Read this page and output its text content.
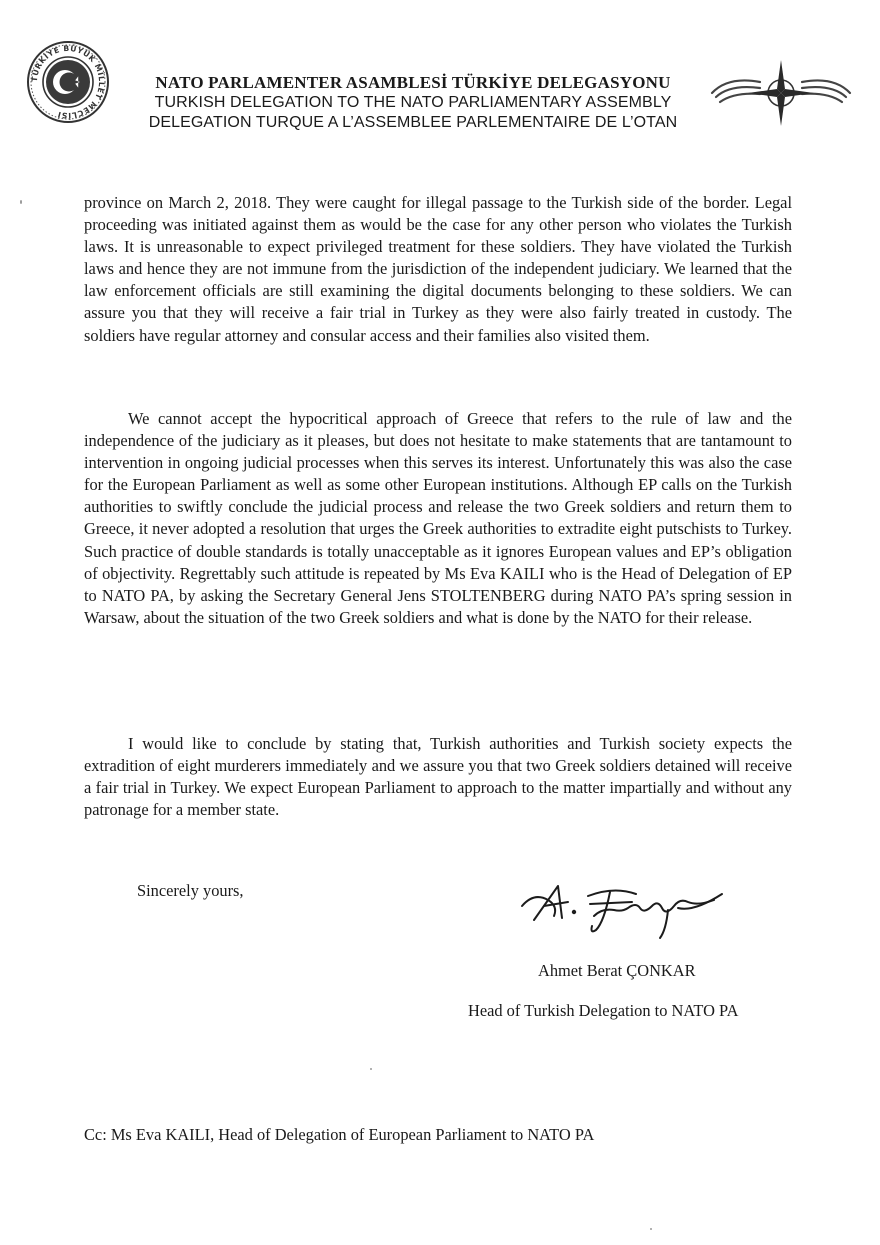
TÜRKİYE BÜYÜK MİLLET MECLİSİ
NATO PARLAMENTER ASAMBLESİ TÜRKİYE DELEGASYONU
TURKISH DELEGATION TO THE NATO PARLIAMENTARY ASSEMBLY
DELEGATION TURQUE A L’ASSEMBLEE PARLEMENTAIRE DE L’OTAN
province on March 2, 2018. They were caught for illegal passage to the Turkish side of the border. Legal proceeding was initiated against them as would be the case for any other person who violates the Turkish laws. It is unreasonable to expect privileged treatment for these soldiers. They have violated the Turkish laws and hence they are not immune from the jurisdiction of the independent judiciary. We learned that the law enforcement officials are still examining the digital documents belonging to these soldiers. We can assure you that they will receive a fair trial in Turkey as they were also fairly treated in custody. The soldiers have regular attorney and consular access and their families also visited them.
We cannot accept the hypocritical approach of Greece that refers to the rule of law and the independence of the judiciary as it pleases, but does not hesitate to make statements that are tantamount to intervention in ongoing judicial processes when this serves its interest. Unfortunately this was also the case for the European Parliament as well as some other European institutions. Although EP calls on the Turkish authorities to swiftly conclude the judicial process and release the two Greek soldiers and return them to Greece, it never adopted a resolution that urges the Greek authorities to extradite eight putschists to Turkey. Such practice of double standards is totally unacceptable as it ignores European values and EP’s obligation of objectivity. Regrettably such attitude is repeated by Ms Eva KAILI who is the Head of Delegation of EP to NATO PA, by asking the Secretary General Jens STOLTENBERG during NATO PA’s spring session in Warsaw, about the situation of the two Greek soldiers and what is done by the NATO for their release.
I would like to conclude by stating that, Turkish authorities and Turkish society expects the extradition of eight murderers immediately and we assure you that two Greek soldiers detained will receive a fair trial in Turkey. We expect European Parliament to approach to the matter impartially and without any patronage for a member state.
Sincerely yours,
Ahmet Berat ÇONKAR
Head of Turkish Delegation to NATO PA
Cc: Ms Eva KAILI, Head of Delegation of European Parliament to NATO PA
